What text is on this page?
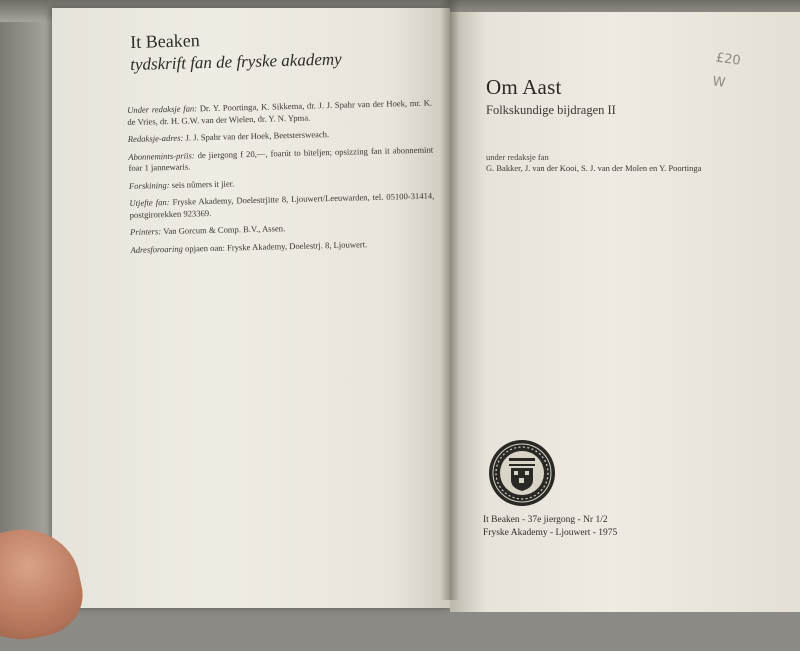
It Beaken
tydskrift fan de fryske akademy

Under redaksje fan: Dr. Y. Poortinga, K. Sikkema, dr. J. J. Spahr van der Hoek, mr. K. de Vries, dr. H. G.W. van der Wielen, dr. Y. N. Ypma.

Redaksje-adres: J. J. Spahr van der Hoek, Beetstersweach.

Abonnemints-priis: de jiergong f 20,—, foarút to biteljen; opsizzing fan it abonnemint foar 1 jannewaris.

Forskining: seis nûmers it jier.

Utjefte fan: Fryske Akademy, Doelestrjitte 8, Ljouwert/Leeuwarden, tel. 05100-31414, postgirorekken 923369.

Printers: Van Gorcum & Comp. B.V., Assen.

Adresforoaring opjaen oan: Fryske Akademy, Doelestrj. 8, Ljouwert.

£20
W
Om Aast
Folkskundige bijdragen II
under redaksje fan
G. Bakker, J. van der Kooi, S. J. van der Molen en Y. Poortinga
It Beaken - 37e jiergong - Nr 1/2
Fryske Akademy - Ljouwert - 1975
